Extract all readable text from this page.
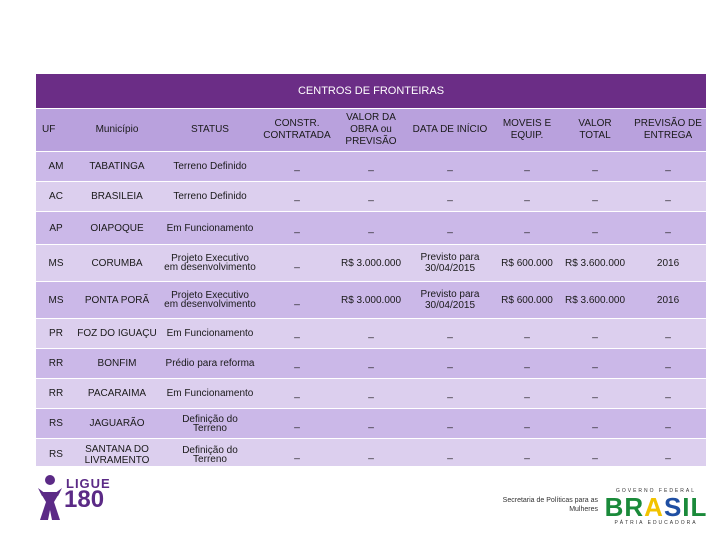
CENTROS DE FRONTEIRAS								
UF	Município	STATUS	CONSTR. CONTRATADA	VALOR DA OBRA ou PREVISÃO	DATA DE INÍCIO	MOVEIS E EQUIP.	VALOR TOTAL	PREVISÃO DE ENTREGA
AM	TABATINGA	Terreno Definido	_	_	_	_	_	_
AC	BRASILEIA	Terreno Definido	_	_	_	_	_	_
AP	OIAPOQUE	Em Funcionamento	_	_	_	_	_	_
MS	CORUMBA	Projeto Executivo em desenvolvimento	_	R$ 3.000.000	Previsto para 30/04/2015	R$ 600.000	R$ 3.600.000	2016
MS	PONTA PORÃ	Projeto Executivo em desenvolvimento	_	R$ 3.000.000	Previsto para 30/04/2015	R$ 600.000	R$ 3.600.000	2016
PR	FOZ DO IGUAÇU	Em Funcionamento	_	_	_	_	_	_
RR	BONFIM	Prédio para reforma	_	_	_	_	_	_
RR	PACARAIMA	Em Funcionamento	_	_	_	_	_	_
RS	JAGUARÃO	Definição do Terreno	_	_	_	_	_	_
RS	SANTANA DO LIVRAMENTO	Definição do Terreno	_	_	_	_	_	_
LIGUE
180	Secretaria de Políticas para as Mulheres
GOVERNO FEDERAL
BRASIL
PÁTRIA EDUCADORA
